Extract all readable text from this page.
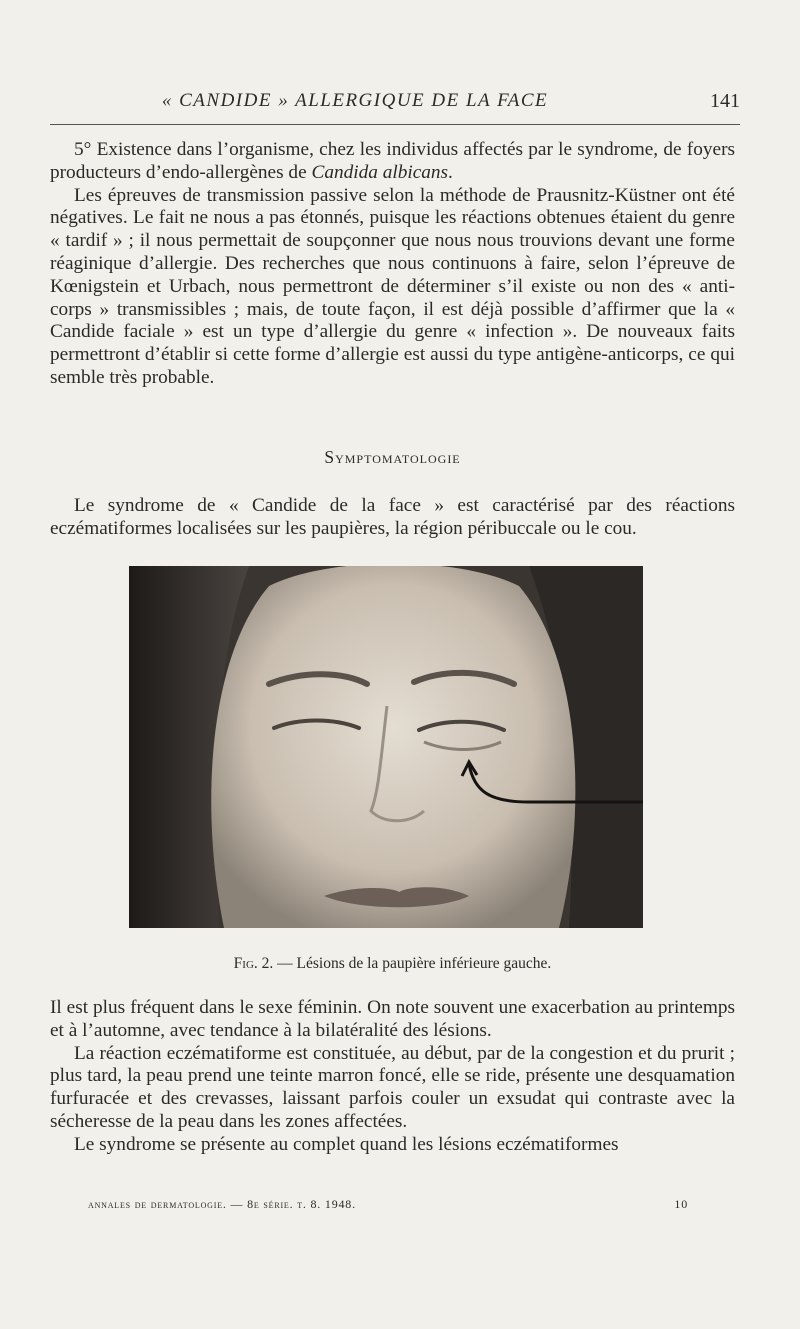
« CANDIDE » ALLERGIQUE DE LA FACE	141

5° Existence dans l’organisme, chez les individus affectés par le syndrome, de foyers producteurs d’endo-allergènes de Candida albicans.

Les épreuves de transmission passive selon la méthode de Prausnitz-Küstner ont été négatives. Le fait ne nous a pas étonnés, puisque les réactions obtenues étaient du genre « tardif » ; il nous permettait de soupçonner que nous nous trouvions devant une forme réaginique d’allergie. Des recherches que nous continuons à faire, selon l’épreuve de Kœnigstein et Urbach, nous permettront de déterminer s’il existe ou non des « anti-corps » transmissibles ; mais, de toute façon, il est déjà possible d’affirmer que la « Candide faciale » est un type d’allergie du genre « infection ». De nouveaux faits permettront d’établir si cette forme d’allergie est aussi du type antigène-anticorps, ce qui semble très probable.

Symptomatologie

Le syndrome de « Candide de la face » est caractérisé par des réactions eczématiformes localisées sur les paupières, la région péribuccale ou le cou.

Fig. 2. — Lésions de la paupière inférieure gauche.

Il est plus fréquent dans le sexe féminin. On note souvent une exacerbation au printemps et à l’automne, avec tendance à la bilatéralité des lésions.

La réaction eczématiforme est constituée, au début, par de la congestion et du prurit ; plus tard, la peau prend une teinte marron foncé, elle se ride, présente une desquamation furfuracée et des crevasses, laissant parfois couler un exsudat qui contraste avec la sécheresse de la peau dans les zones affectées.

Le syndrome se présente au complet quand les lésions eczématiformes

annales de dermatologie. — 8e série. t. 8. 1948.	10
